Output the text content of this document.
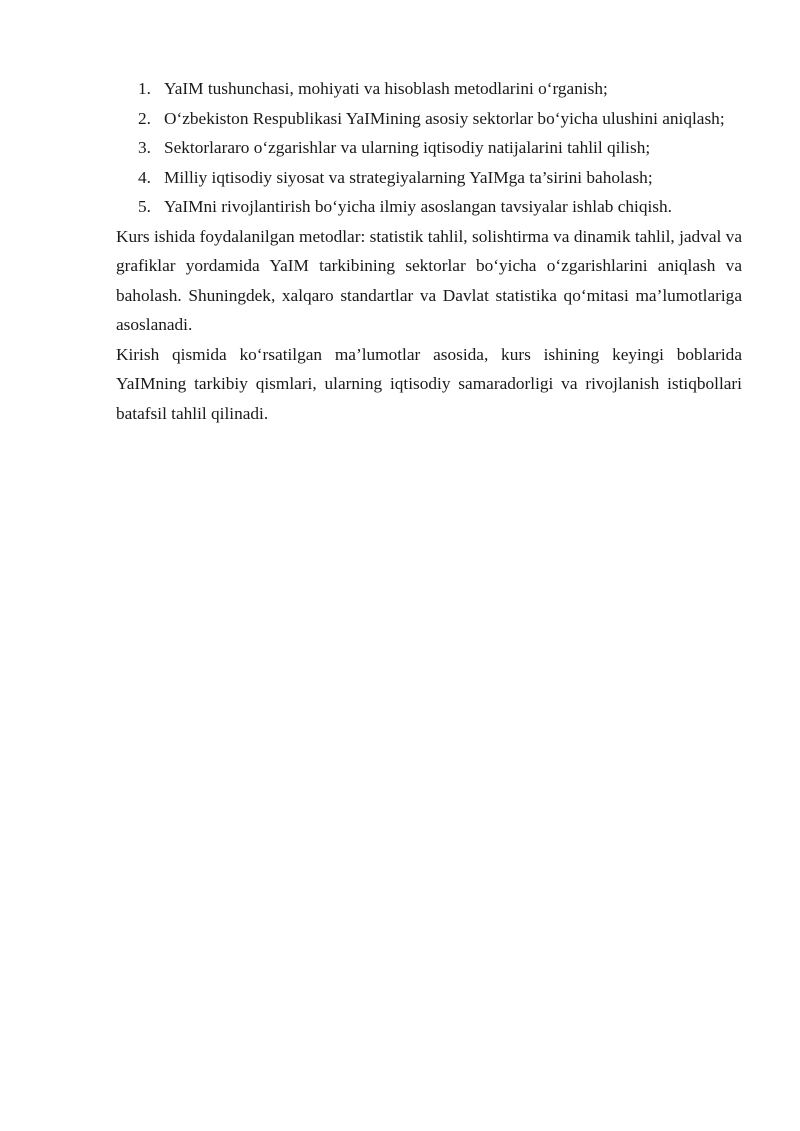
1. YaIM tushunchasi, mohiyati va hisoblash metodlarini o‘rganish;
2. O‘zbekiston Respublikasi YaIMining asosiy sektorlar bo‘yicha ulushini aniqlash;
3. Sektorlararo o‘zgarishlar va ularning iqtisodiy natijalarini tahlil qilish;
4. Milliy iqtisodiy siyosat va strategiyalarning YaIMga ta’sirini baholash;
5. YaIMni rivojlantirish bo‘yicha ilmiy asoslangan tavsiyalar ishlab chiqish.

Kurs ishida foydalanilgan metodlar: statistik tahlil, solishtirma va dinamik tahlil, jadval va grafiklar yordamida YaIM tarkibining sektorlar bo‘yicha o‘zgarishlarini aniqlash va baholash. Shuningdek, xalqaro standartlar va Davlat statistika qo‘mitasi ma’lumotlariga asoslanadi.

Kirish qismida ko‘rsatilgan ma’lumotlar asosida, kurs ishining keyingi boblarida YaIMning tarkibiy qismlari, ularning iqtisodiy samaradorligi va rivojlanish istiqbollari batafsil tahlil qilinadi.
